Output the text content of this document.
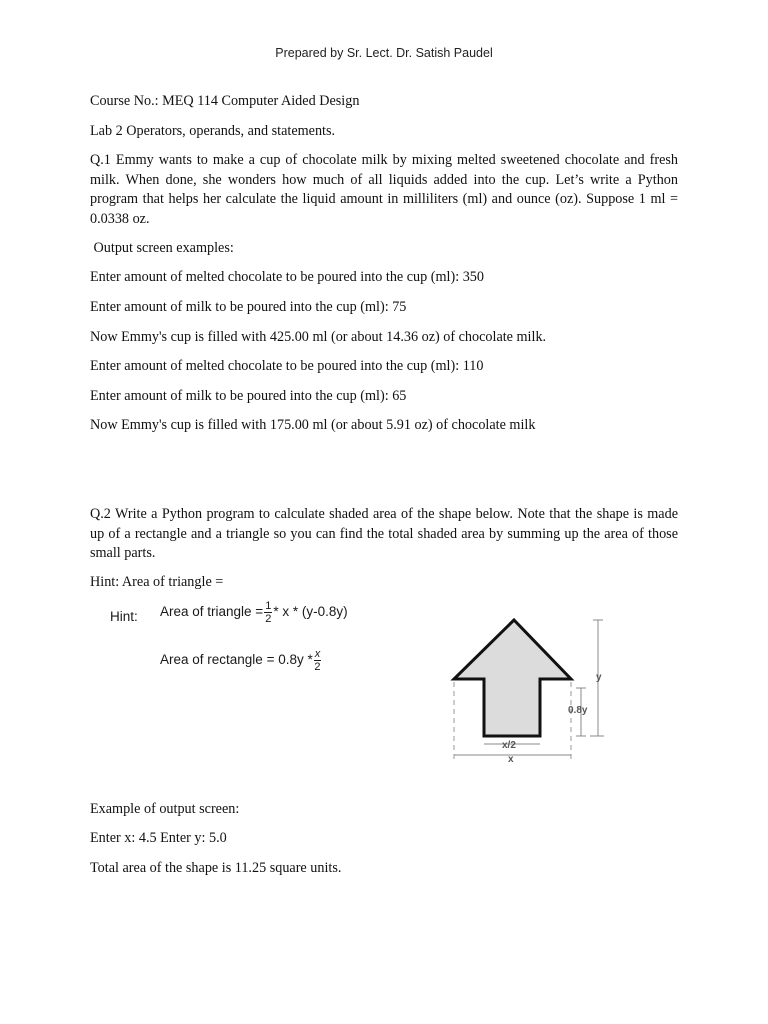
Prepared by Sr. Lect. Dr. Satish Paudel
Course No.: MEQ 114 Computer Aided Design
Lab 2 Operators, operands, and statements.
Q.1 Emmy wants to make a cup of chocolate milk by mixing melted sweetened chocolate and fresh milk. When done, she wonders how much of all liquids added into the cup. Let’s write a Python program that helps her calculate the liquid amount in milliliters (ml) and ounce (oz). Suppose 1 ml = 0.0338 oz.
Output screen examples:
Enter amount of melted chocolate to be poured into the cup (ml): 350
Enter amount of milk to be poured into the cup (ml): 75
Now Emmy's cup is filled with 425.00 ml (or about 14.36 oz) of chocolate milk.
Enter amount of melted chocolate to be poured into the cup (ml): 110
Enter amount of milk to be poured into the cup (ml): 65
Now Emmy's cup is filled with 175.00 ml (or about 5.91 oz) of chocolate milk
Q.2 Write a Python program to calculate shaded area of the shape below. Note that the shape is made up of a rectangle and a triangle so you can find the total shaded area by summing up the area of those small parts.
Hint: Area of triangle =
Hint: Area of triangle = $\frac{1}{2}$ * x * (y-0.8y)
Area of rectangle = $0.8y * \frac{x}{2}$
y
0.8y
x/2
x
Example of output screen:
Enter x: 4.5 Enter y: 5.0
Total area of the shape is 11.25 square units.
